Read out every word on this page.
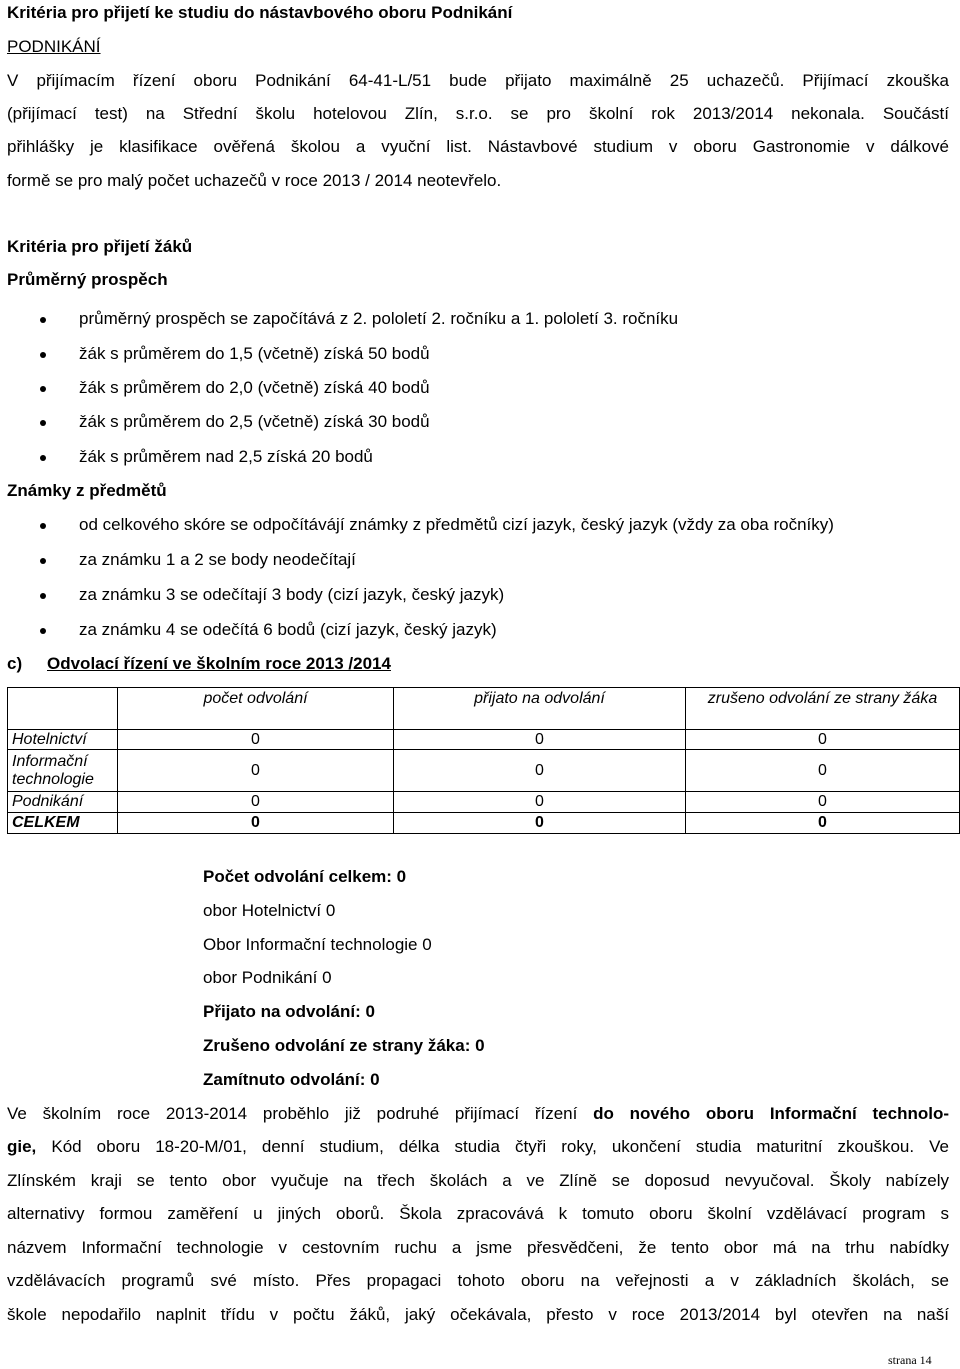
Kritéria pro přijetí ke studiu do nástavbového oboru Podnikání
PODNIKÁNÍ
V přijímacím řízení oboru Podnikání 64-41-L/51 bude přijato maximálně 25 uchazečů. Přijímací zkouška
(přijímací test) na Střední školu hotelovou Zlín, s.r.o. se pro školní rok 2013/2014 nekonala. Součástí
přihlášky je klasifikace ověřená školou a vyuční list. Nástavbové studium v oboru Gastronomie v dálkové
formě se pro malý počet uchazečů v roce 2013 / 2014 neotevřelo.
Kritéria pro přijetí žáků
Průměrný prospěch
průměrný prospěch se započítává z 2. pololetí 2. ročníku a 1. pololetí 3. ročníku
žák s průměrem do 1,5 (včetně) získá 50 bodů
žák s průměrem do 2,0 (včetně) získá 40 bodů
žák s průměrem do 2,5 (včetně) získá 30 bodů
žák s průměrem nad 2,5 získá 20 bodů
Známky z předmětů
od celkového skóre se odpočítávájí známky z předmětů cizí jazyk, český jazyk (vždy za oba ročníky)
za známku 1 a 2 se body neodečítají
za známku 3 se odečítají 3 body (cizí jazyk, český jazyk)
za známku 4 se odečítá 6 bodů (cizí jazyk, český jazyk)
c) Odvolací řízení ve školním roce 2013 /2014
	počet odvolání	přijato na odvolání	zrušeno odvolání ze strany žáka
Hotelnictví	0	0	0
Informační technologie	0	0	0
Podnikání	0	0	0
CELKEM	0	0	0
Počet odvolání celkem: 0
obor Hotelnictví 0
Obor Informační technologie 0
obor Podnikání 0
Přijato na odvolání: 0
Zrušeno odvolání ze strany žáka: 0
Zamítnuto odvolání: 0
Ve školním roce 2013-2014 proběhlo již podruhé přijímací řízení do nového oboru Informační technolo-
gie, Kód oboru 18-20-M/01, denní studium, délka studia čtyři roky, ukončení studia maturitní zkouškou. Ve
Zlínském kraji se tento obor vyučuje na třech školách a ve Zlíně se doposud nevyučoval. Školy nabízely
alternativy formou zaměření u jiných oborů. Škola zpracovává k tomuto oboru školní vzdělávací program s
názvem Informační technologie v cestovním ruchu a jsme přesvědčeni, že tento obor má na trhu nabídky
vzdělávacích programů své místo. Přes propagaci tohoto oboru na veřejnosti a v základních školách, se
škole nepodařilo naplnit třídu v počtu žáků, jaký očekávala, přesto v roce 2013/2014 byl otevřen na naší
strana 14
